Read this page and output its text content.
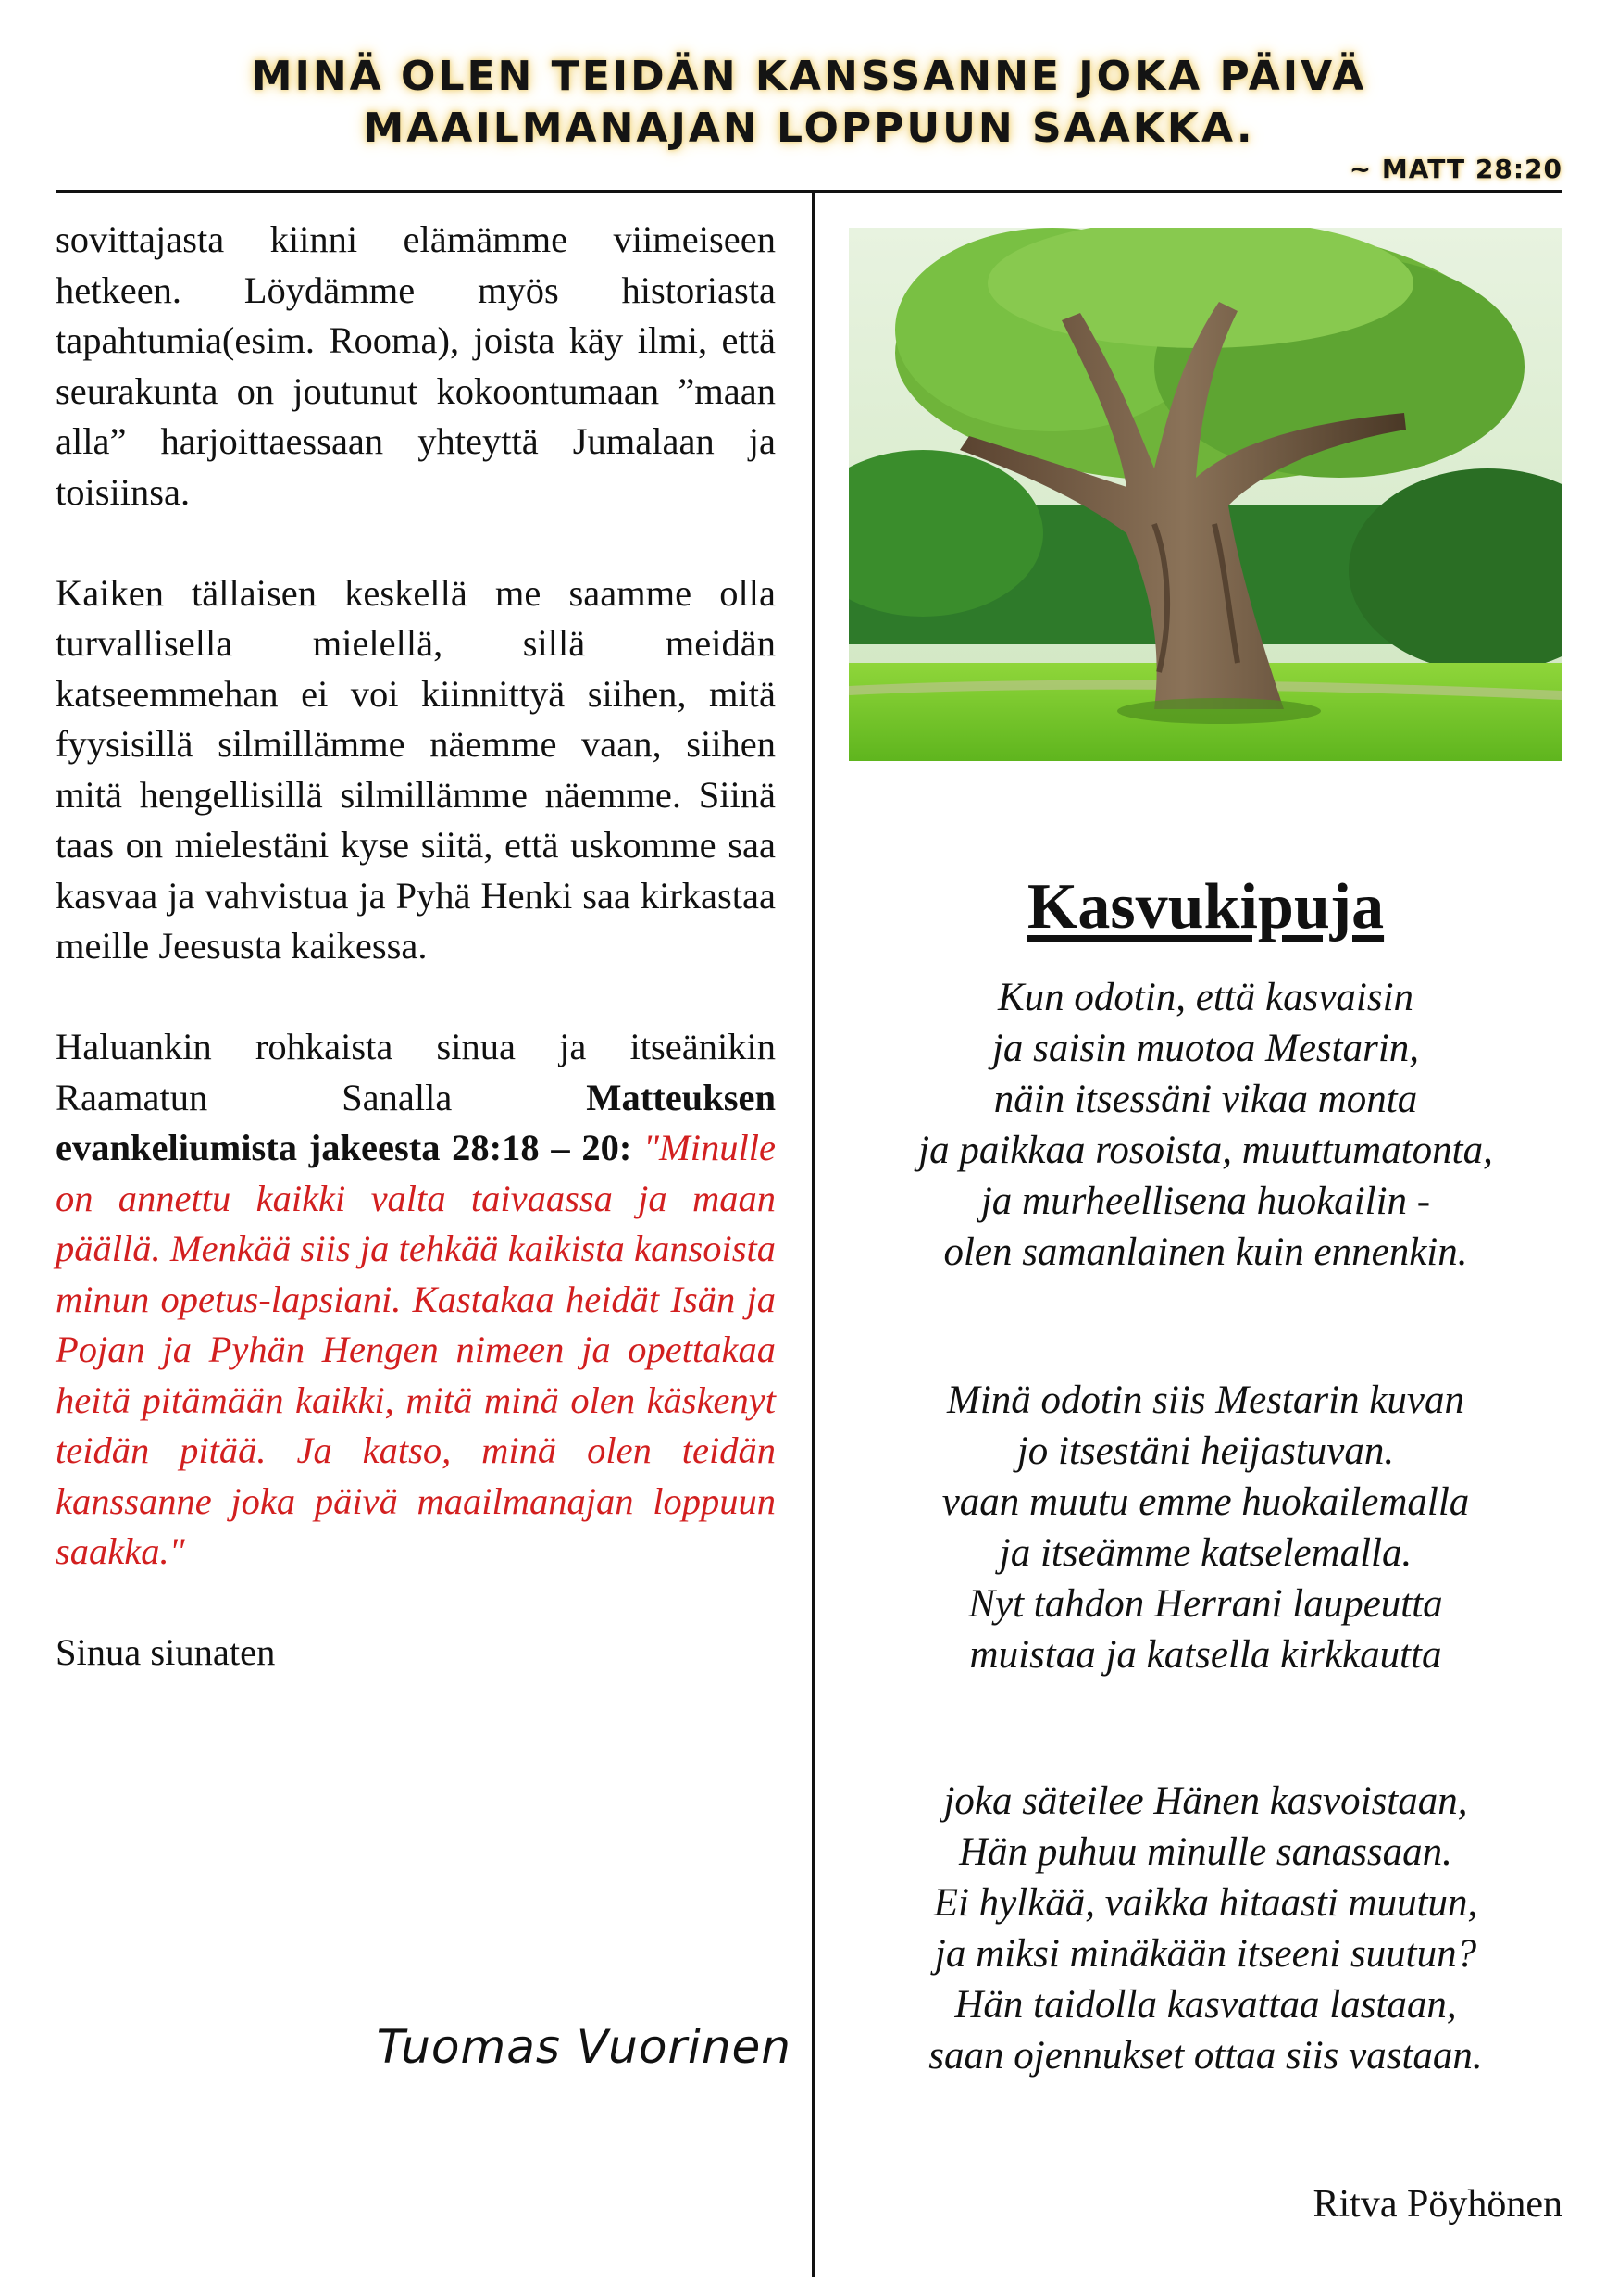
MINÄ OLEN TEIDÄN KANSSANNE JOKA PÄIVÄ
MAAILMANAJAN LOPPUUN SAAKKA.
~ MATT 28:20

sovittajasta kiinni elämämme viimeiseen hetkeen. Löydämme myös historiasta tapahtumia(esim. Rooma), joista käy ilmi, että seurakunta on joutunut kokoontumaan ”maan alla” harjoittaessaan yhteyttä Jumalaan ja toisiinsa.

Kaiken tällaisen keskellä me saamme olla turvallisella mielellä, sillä meidän katseemmehan ei voi kiinnittyä siihen, mitä fyysisillä silmillämme näemme vaan, siihen mitä hengellisillä silmillämme näemme. Siinä taas on mielestäni kyse siitä, että uskomme saa kasvaa ja vahvistua ja Pyhä Henki saa kirkastaa meille Jeesusta kaikessa.

Haluankin rohkaista sinua ja itseänikin Raamatun Sanalla	Matteuksen evankeliumista jakeesta 28:18 – 20: "Minulle on annettu kaikki valta taivaassa ja maan päällä. Menkää siis ja tehkää kaikista kansoista minun opetus-lapsiani. Kastakaa heidät Isän ja Pojan ja Pyhän Hengen nimeen ja opettakaa heitä pitämään kaikki, mitä minä olen käskenyt teidän pitää. Ja katso, minä olen teidän kanssanne joka päivä maailmanajan loppuun saakka."

Sinua siunaten

Tuomas Vuorinen
Kasvukipuja
Kun odotin, että kasvaisin
ja saisin muotoa Mestarin,
näin itsessäni vikaa monta
ja paikkaa rosoista, muuttumatonta,
ja murheellisena huokailin -
olen samanlainen kuin ennenkin.
Minä odotin siis Mestarin kuvan
jo itsestäni heijastuvan.
vaan muutu emme huokailemalla
ja itseämme katselemalla.
Nyt tahdon Herrani laupeutta
muistaa ja katsella kirkkautta
joka säteilee Hänen kasvoistaan,
Hän puhuu minulle sanassaan.
Ei hylkää, vaikka hitaasti muutun,
ja miksi minäkään itseeni suutun?
Hän taidolla kasvattaa lastaan,
saan ojennukset ottaa siis vastaan.
Ritva Pöyhönen
